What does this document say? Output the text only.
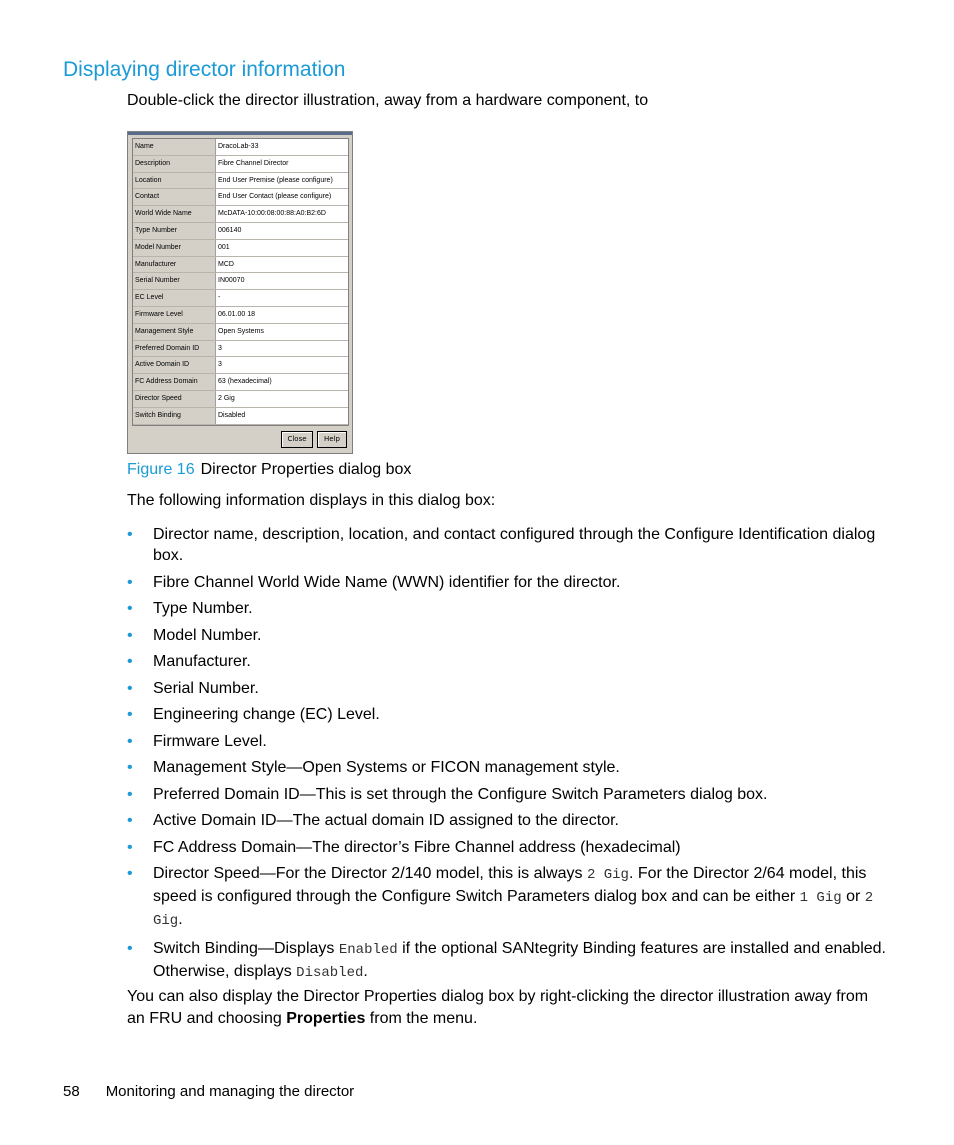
Displaying director information
Double-click the director illustration, away from a hardware component, to
Name	DracoLab-33
Description	Fibre Channel Director
Location	End User Premise (please configure)
Contact	End User Contact (please configure)
World Wide Name	McDATA-10:00:08:00:88:A0:B2:6D
Type Number	006140
Model Number	001
Manufacturer	MCD
Serial Number	IN00070
EC Level	-
Firmware Level	06.01.00 18
Management Style	Open Systems
Preferred Domain ID	3
Active Domain ID	3
FC Address Domain	63 (hexadecimal)
Director Speed	2 Gig
Switch Binding	Disabled
Close	Help
Figure 16 Director Properties dialog box
The following information displays in this dialog box:
• Director name, description, location, and contact configured through the Configure Identification dialog box.
• Fibre Channel World Wide Name (WWN) identifier for the director.
• Type Number.
• Model Number.
• Manufacturer.
• Serial Number.
• Engineering change (EC) Level.
• Firmware Level.
• Management Style—Open Systems or FICON management style.
• Preferred Domain ID—This is set through the Configure Switch Parameters dialog box.
• Active Domain ID—The actual domain ID assigned to the director.
• FC Address Domain—The director’s Fibre Channel address (hexadecimal)
• Director Speed—For the Director 2/140 model, this is always 2 Gig. For the Director 2/64 model, this speed is configured through the Configure Switch Parameters dialog box and can be either 1 Gig or 2 Gig.
• Switch Binding—Displays Enabled if the optional SANtegrity Binding features are installed and enabled. Otherwise, displays Disabled.
You can also display the Director Properties dialog box by right-clicking the director illustration away from an FRU and choosing Properties from the menu.
58 Monitoring and managing the director
